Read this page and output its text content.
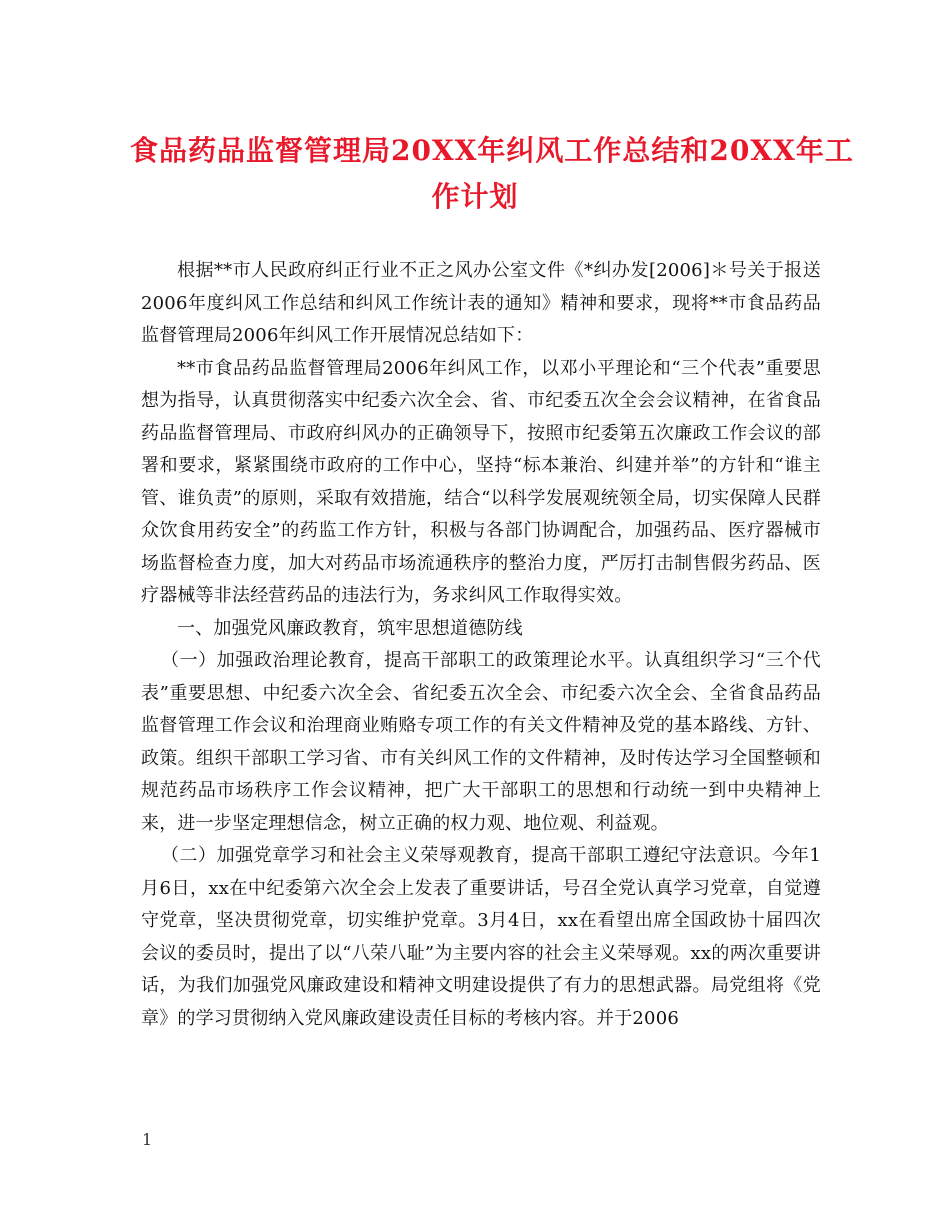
食品药品监督管理局20XX年纠风工作总结和20XX年工
作计划

根据**市人民政府纠正行业不正之风办公室文件《*纠办发[2006]＊号关于报送2006年度纠风工作总结和纠风工作统计表的通知》精神和要求，现将**市食品药品监督管理局2006年纠风工作开展情况总结如下：

**市食品药品监督管理局2006年纠风工作，以邓小平理论和“三个代表”重要思想为指导，认真贯彻落实中纪委六次全会、省、市纪委五次全会会议精神，在省食品药品监督管理局、市政府纠风办的正确领导下，按照市纪委第五次廉政工作会议的部署和要求，紧紧围绕市政府的工作中心，坚持“标本兼治、纠建并举”的方针和“谁主管、谁负责”的原则，采取有效措施，结合“以科学发展观统领全局，切实保障人民群众饮食用药安全”的药监工作方针，积极与各部门协调配合，加强药品、医疗器械市场监督检查力度，加大对药品市场流通秩序的整治力度，严厉打击制售假劣药品、医疗器械等非法经营药品的违法行为，务求纠风工作取得实效。

一、加强党风廉政教育，筑牢思想道德防线

（一）加强政治理论教育，提高干部职工的政策理论水平。认真组织学习“三个代表”重要思想、中纪委六次全会、省纪委五次全会、市纪委六次全会、全省食品药品监督管理工作会议和治理商业贿赂专项工作的有关文件精神及党的基本路线、方针、政策。组织干部职工学习省、市有关纠风工作的文件精神，及时传达学习全国整顿和规范药品市场秩序工作会议精神，把广大干部职工的思想和行动统一到中央精神上来，进一步坚定理想信念，树立正确的权力观、地位观、利益观。

（二）加强党章学习和社会主义荣辱观教育，提高干部职工遵纪守法意识。今年1月6日，xx在中纪委第六次全会上发表了重要讲话，号召全党认真学习党章，自觉遵守党章，坚决贯彻党章，切实维护党章。3月4日，xx在看望出席全国政协十届四次会议的委员时，提出了以“八荣八耻”为主要内容的社会主义荣辱观。xx的两次重要讲话，为我们加强党风廉政建设和精神文明建设提供了有力的思想武器。局党组将《党章》的学习贯彻纳入党风廉政建设责任目标的考核内容。并于2006

1
